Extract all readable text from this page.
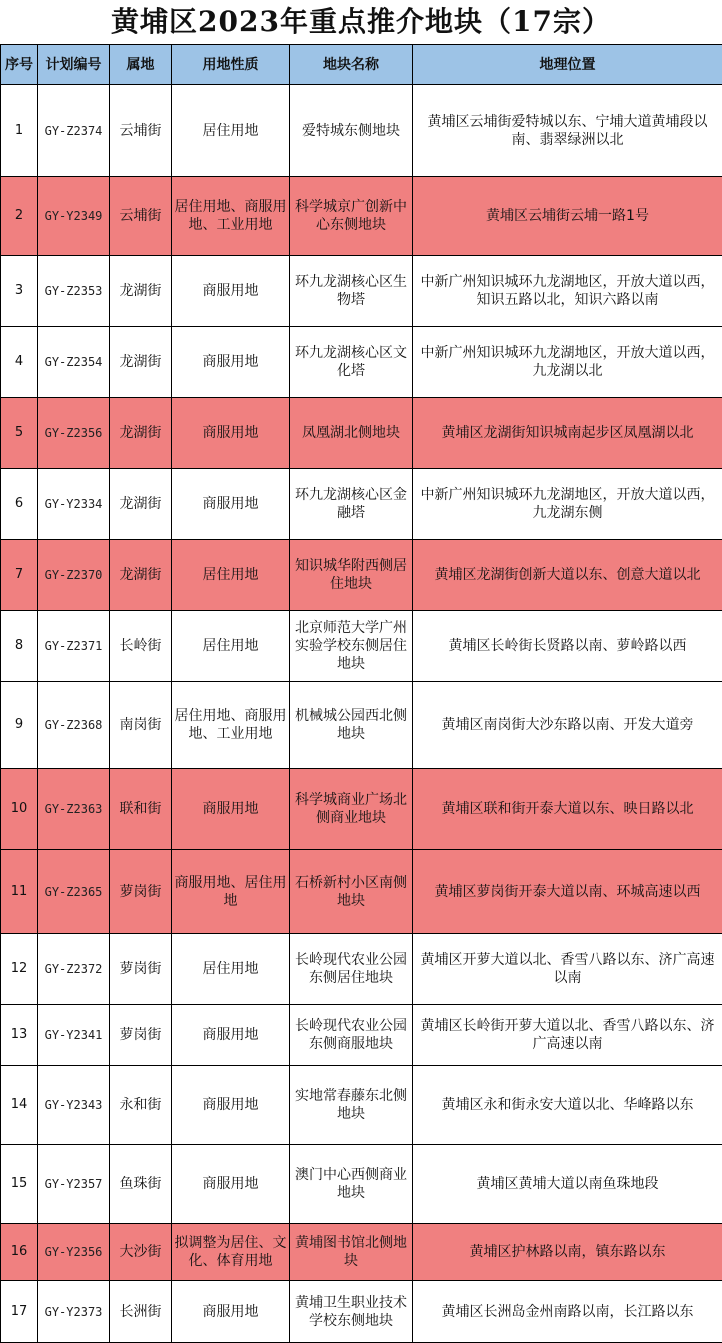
黄埔区2023年重点推介地块（17宗）
序号	计划编号	属地	用地性质	地块名称	地理位置
1	GY-Z2374	云埔街	居住用地	爱特城东侧地块	黄埔区云埔街爱特城以东、宁埔大道黄埔段以南、翡翠绿洲以北
2	GY-Y2349	云埔街	居住用地、商服用地、工业用地	科学城京广创新中心东侧地块	黄埔区云埔街云埔一路1号
3	GY-Z2353	龙湖街	商服用地	环九龙湖核心区生物塔	中新广州知识城环九龙湖地区，开放大道以西，知识五路以北，知识六路以南
4	GY-Z2354	龙湖街	商服用地	环九龙湖核心区文化塔	中新广州知识城环九龙湖地区，开放大道以西，九龙湖以北
5	GY-Z2356	龙湖街	商服用地	凤凰湖北侧地块	黄埔区龙湖街知识城南起步区凤凰湖以北
6	GY-Y2334	龙湖街	商服用地	环九龙湖核心区金融塔	中新广州知识城环九龙湖地区，开放大道以西，九龙湖东侧
7	GY-Z2370	龙湖街	居住用地	知识城华附西侧居住地块	黄埔区龙湖街创新大道以东、创意大道以北
8	GY-Z2371	长岭街	居住用地	北京师范大学广州实验学校东侧居住地块	黄埔区长岭街长贤路以南、萝岭路以西
9	GY-Z2368	南岗街	居住用地、商服用地、工业用地	机械城公园西北侧地块	黄埔区南岗街大沙东路以南、开发大道旁
10	GY-Z2363	联和街	商服用地	科学城商业广场北侧商业地块	黄埔区联和街开泰大道以东、映日路以北
11	GY-Z2365	萝岗街	商服用地、居住用地	石桥新村小区南侧地块	黄埔区萝岗街开泰大道以南、环城高速以西
12	GY-Z2372	萝岗街	居住用地	长岭现代农业公园东侧居住地块	黄埔区开萝大道以北、香雪八路以东、济广高速以南
13	GY-Y2341	萝岗街	商服用地	长岭现代农业公园东侧商服地块	黄埔区长岭街开萝大道以北、香雪八路以东、济广高速以南
14	GY-Y2343	永和街	商服用地	实地常春藤东北侧地块	黄埔区永和街永安大道以北、华峰路以东
15	GY-Y2357	鱼珠街	商服用地	澳门中心西侧商业地块	黄埔区黄埔大道以南鱼珠地段
16	GY-Y2356	大沙街	拟调整为居住、文化、体育用地	黄埔图书馆北侧地块	黄埔区护林路以南，镇东路以东
17	GY-Y2373	长洲街	商服用地	黄埔卫生职业技术学校东侧地块	黄埔区长洲岛金州南路以南，长江路以东
